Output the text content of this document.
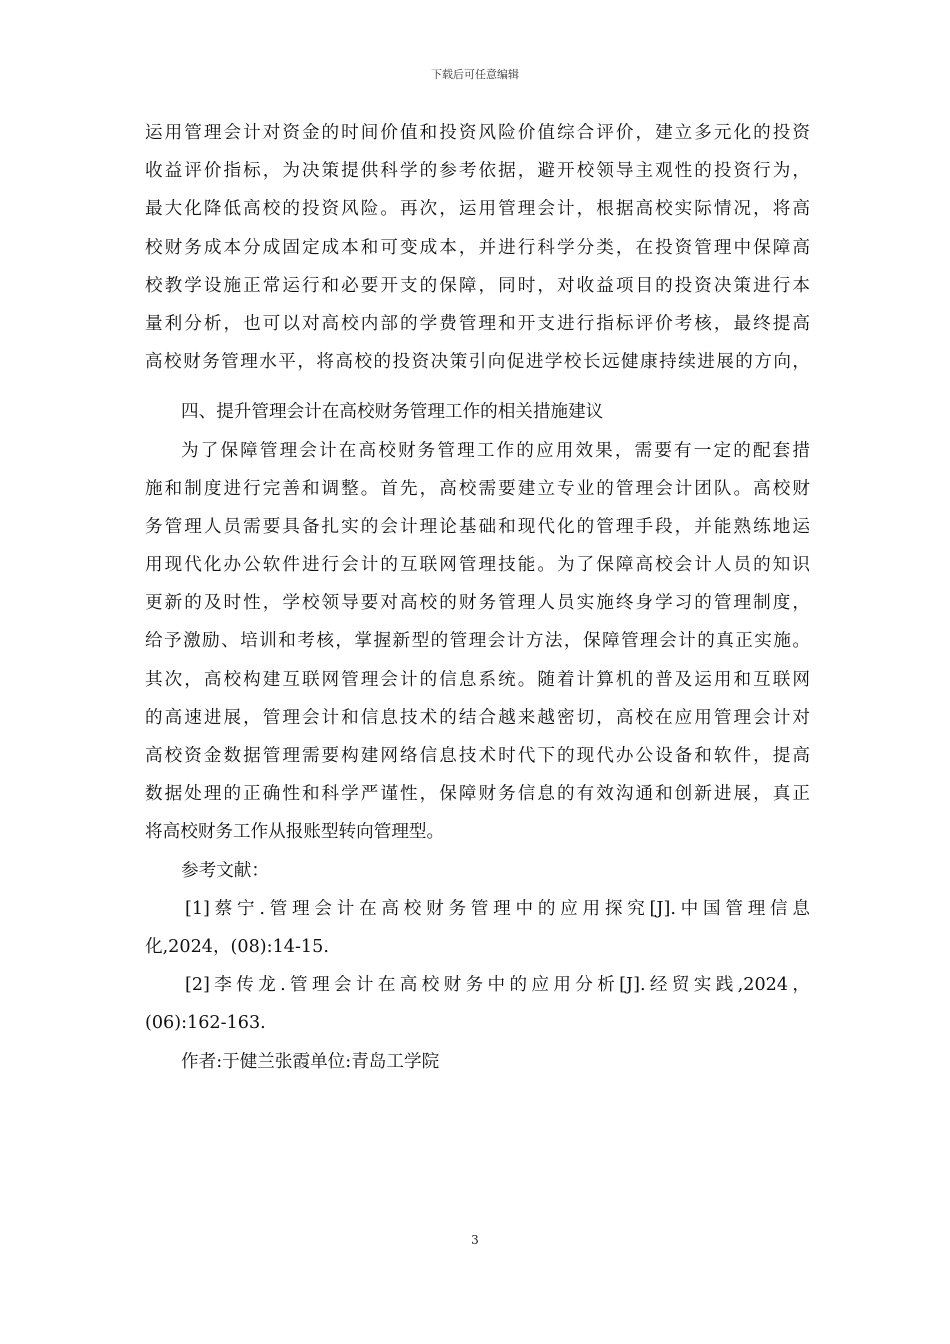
下载后可任意编辑
运用管理会计对资金的时间价值和投资风险价值综合评价，建立多元化的投资
收益评价指标，为决策提供科学的参考依据，避开校领导主观性的投资行为，
最大化降低高校的投资风险。再次，运用管理会计，根据高校实际情况，将高
校财务成本分成固定成本和可变成本，并进行科学分类，在投资管理中保障高
校教学设施正常运行和必要开支的保障，同时，对收益项目的投资决策进行本
量利分析，也可以对高校内部的学费管理和开支进行指标评价考核，最终提高
高校财务管理水平，将高校的投资决策引向促进学校长远健康持续进展的方向，
四、提升管理会计在高校财务管理工作的相关措施建议
为了保障管理会计在高校财务管理工作的应用效果，需要有一定的配套措
施和制度进行完善和调整。首先，高校需要建立专业的管理会计团队。高校财
务管理人员需要具备扎实的会计理论基础和现代化的管理手段，并能熟练地运
用现代化办公软件进行会计的互联网管理技能。为了保障高校会计人员的知识
更新的及时性，学校领导要对高校的财务管理人员实施终身学习的管理制度，
给予激励、培训和考核，掌握新型的管理会计方法，保障管理会计的真正实施。
其次，高校构建互联网管理会计的信息系统。随着计算机的普及运用和互联网
的高速进展，管理会计和信息技术的结合越来越密切，高校在应用管理会计对
高校资金数据管理需要构建网络信息技术时代下的现代办公设备和软件，提高
数据处理的正确性和科学严谨性，保障财务信息的有效沟通和创新进展，真正
将高校财务工作从报账型转向管理型。
参考文献：
[1]蔡宁.管理会计在高校财务管理中的应用探究[J].中国管理信息
化,2024，(08):14-15.
[2]李传龙.管理会计在高校财务中的应用分析[J].经贸实践,2024，
(06):162-163.
作者:于健兰张霞单位:青岛工学院
3
